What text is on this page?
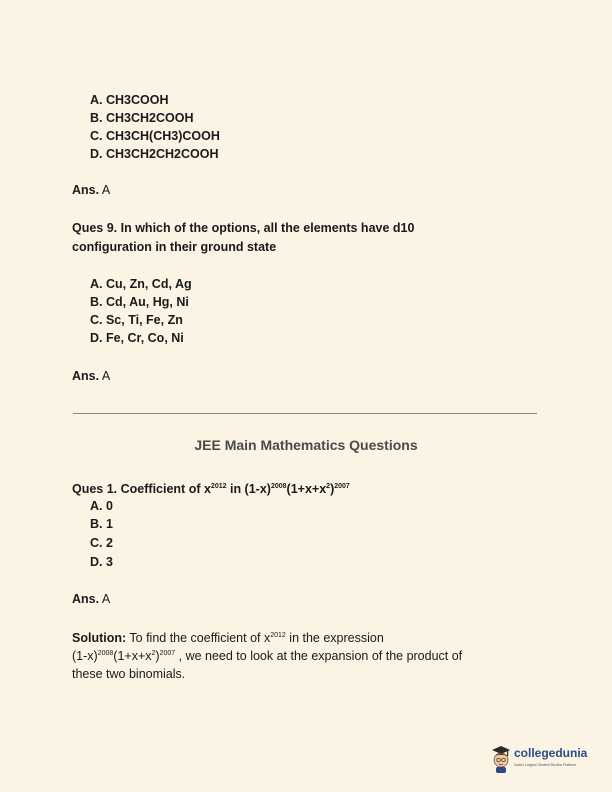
A. CH3COOH
B. CH3CH2COOH
C. CH3CH(CH3)COOH
D. CH3CH2CH2COOH
Ans. A
Ques 9. In which of the options, all the elements have d10
configuration in their ground state
A. Cu, Zn, Cd, Ag
B. Cd, Au, Hg, Ni
C. Sc, Ti, Fe, Zn
D. Fe, Cr, Co, Ni
Ans. A
JEE Main Mathematics Questions
Ques 1. Coefficient of $x^{2012}$ in $(1-x)^{2008}(1+x+x^2)^{2007}$
A. 0
B. 1
C. 2
D. 3
Ans. A
Solution: To find the coefficient of $x^{2012}$ in the expression
$(1-x)^{2008}(1+x+x^2)^{2007}$ , we need to look at the expansion of the product of
these two binomials.
collegedunia
India's Largest Student Review Platform
